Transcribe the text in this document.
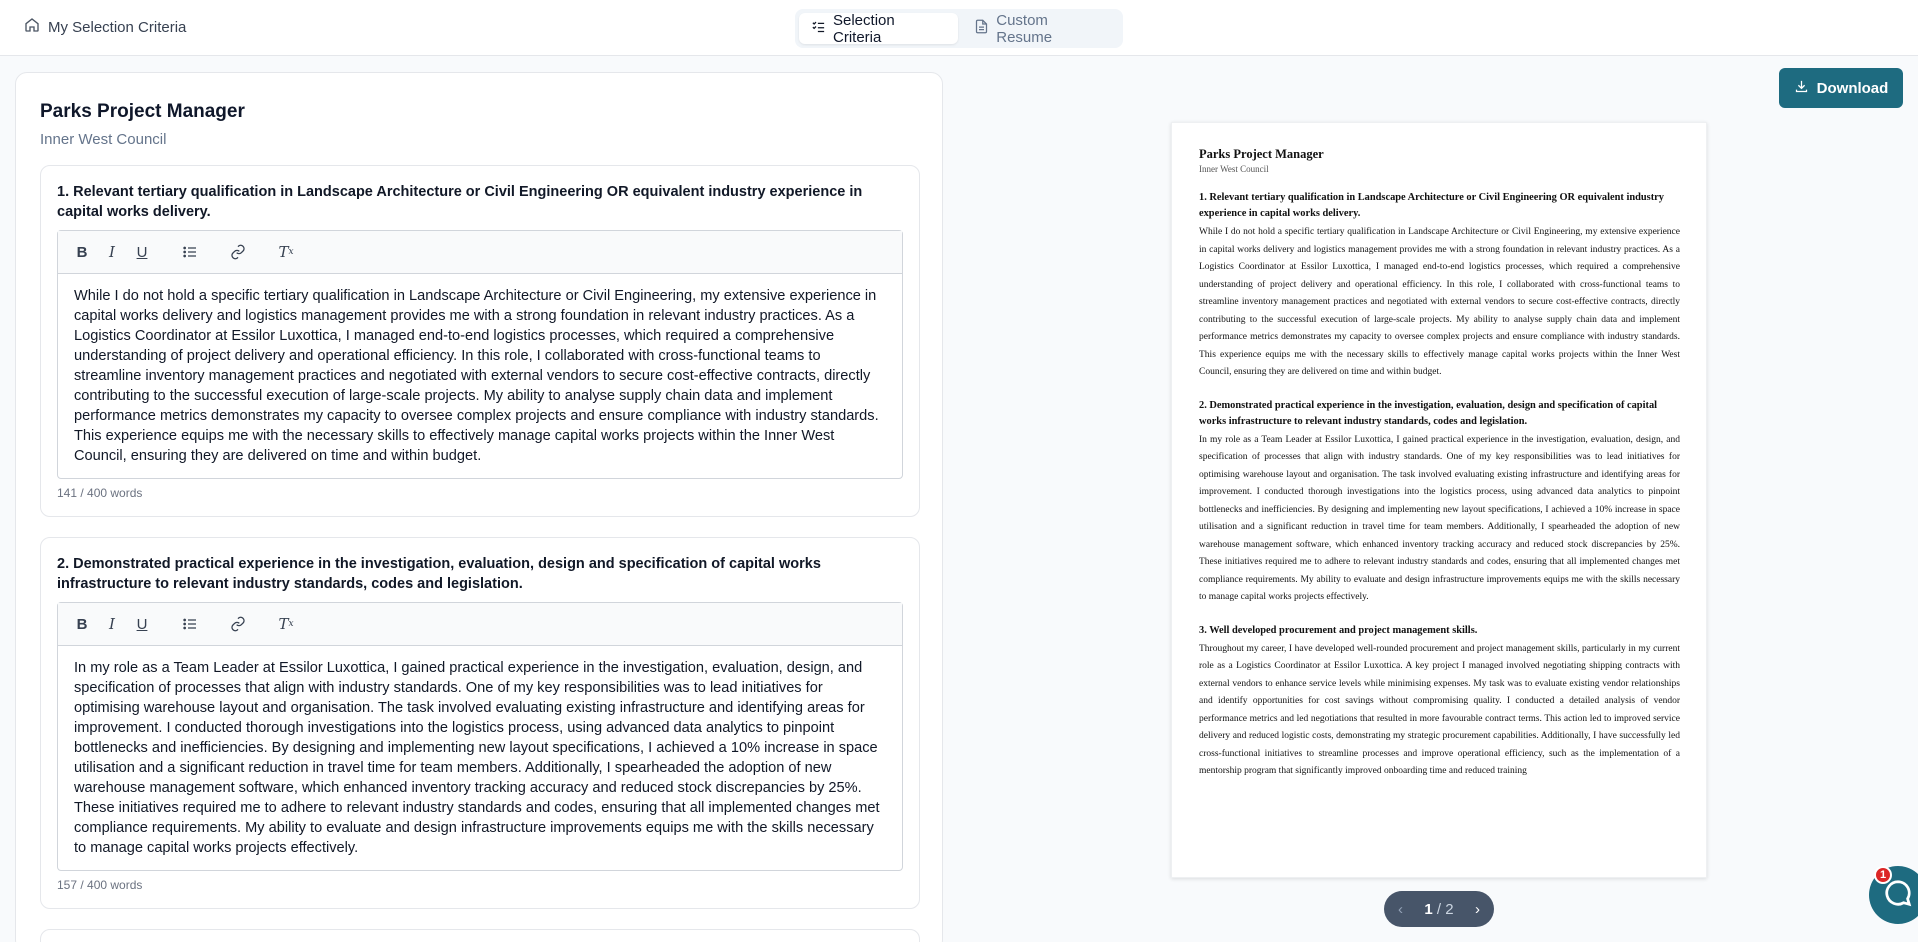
My Selection Criteria	Selection Criteria
Custom Resume
Parks Project Manager
Inner West Council
1. Relevant tertiary qualification in Landscape Architecture or Civil Engineering OR equivalent industry experience in capital works delivery.
B	I	U	T x
While I do not hold a specific tertiary qualification in Landscape Architecture or Civil Engineering, my extensive experience in capital works delivery and logistics management provides me with a strong foundation in relevant industry practices. As a Logistics Coordinator at Essilor Luxottica, I managed end-to-end logistics processes, which required a comprehensive understanding of project delivery and operational efficiency. In this role, I collaborated with cross-functional teams to streamline inventory management practices and negotiated with external vendors to secure cost-effective contracts, directly contributing to the successful execution of large-scale projects. My ability to analyse supply chain data and implement performance metrics demonstrates my capacity to oversee complex projects and ensure compliance with industry standards. This experience equips me with the necessary skills to effectively manage capital works projects within the Inner West Council, ensuring they are delivered on time and within budget.
141 / 400 words
2. Demonstrated practical experience in the investigation, evaluation, design and specification of capital works infrastructure to relevant industry standards, codes and legislation.
B	I	U	T x
In my role as a Team Leader at Essilor Luxottica, I gained practical experience in the investigation, evaluation, design, and specification of processes that align with industry standards. One of my key responsibilities was to lead initiatives for optimising warehouse layout and organisation. The task involved evaluating existing infrastructure and identifying areas for improvement. I conducted thorough investigations into the logistics process, using advanced data analytics to pinpoint bottlenecks and inefficiencies. By designing and implementing new layout specifications, I achieved a 10% increase in space utilisation and a significant reduction in travel time for team members. Additionally, I spearheaded the adoption of new warehouse management software, which enhanced inventory tracking accuracy and reduced stock discrepancies by 25%. These initiatives required me to adhere to relevant industry standards and codes, ensuring that all implemented changes met compliance requirements. My ability to evaluate and design infrastructure improvements equips me with the skills necessary to manage capital works projects effectively.
157 / 400 words
Download
Parks Project Manager
Inner West Council
1. Relevant tertiary qualification in Landscape Architecture or Civil Engineering OR equivalent industry experience in capital works delivery.
While I do not hold a specific tertiary qualification in Landscape Architecture or Civil Engineering, my extensive experience in capital works delivery and logistics management provides me with a strong foundation in relevant industry practices. As a Logistics Coordinator at Essilor Luxottica, I managed end-to-end logistics processes, which required a comprehensive understanding of project delivery and operational efficiency. In this role, I collaborated with cross-functional teams to streamline inventory management practices and negotiated with external vendors to secure cost-effective contracts, directly contributing to the successful execution of large-scale projects. My ability to analyse supply chain data and implement performance metrics demonstrates my capacity to oversee complex projects and ensure compliance with industry standards. This experience equips me with the necessary skills to effectively manage capital works projects within the Inner West Council, ensuring they are delivered on time and within budget.
2. Demonstrated practical experience in the investigation, evaluation, design and specification of capital works infrastructure to relevant industry standards, codes and legislation.
In my role as a Team Leader at Essilor Luxottica, I gained practical experience in the investigation, evaluation, design, and specification of processes that align with industry standards. One of my key responsibilities was to lead initiatives for optimising warehouse layout and organisation. The task involved evaluating existing infrastructure and identifying areas for improvement. I conducted thorough investigations into the logistics process, using advanced data analytics to pinpoint bottlenecks and inefficiencies. By designing and implementing new layout specifications, I achieved a 10% increase in space utilisation and a significant reduction in travel time for team members. Additionally, I spearheaded the adoption of new warehouse management software, which enhanced inventory tracking accuracy and reduced stock discrepancies by 25%. These initiatives required me to adhere to relevant industry standards and codes, ensuring that all implemented changes met compliance requirements. My ability to evaluate and design infrastructure improvements equips me with the skills necessary to manage capital works projects effectively.
3. Well developed procurement and project management skills.
Throughout my career, I have developed well-rounded procurement and project management skills, particularly in my current role as a Logistics Coordinator at Essilor Luxottica. A key project I managed involved negotiating shipping contracts with external vendors to enhance service levels while minimising expenses. My task was to evaluate existing vendor relationships and identify opportunities for cost savings without compromising quality. I conducted a detailed analysis of vendor performance metrics and led negotiations that resulted in more favourable contract terms. This action led to improved service delivery and reduced logistic costs, demonstrating my strategic procurement capabilities. Additionally, I have successfully led cross-functional initiatives to streamline processes and improve operational efficiency, such as the implementation of a mentorship program that significantly improved onboarding time and reduced training
‹ 1 / 2 ›
1
